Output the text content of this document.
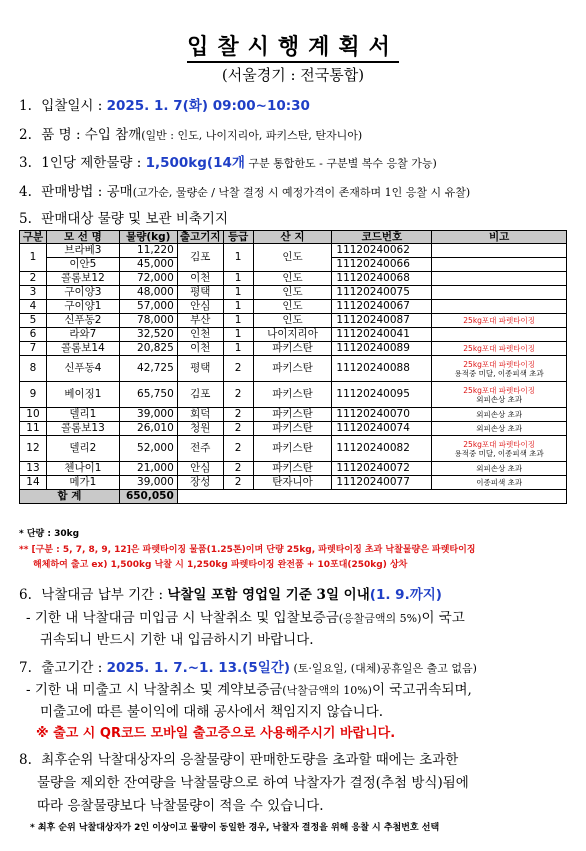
입찰시행계획서
(서울경기 : 전국통합)
1. 입찰일시 : 2025. 1. 7(화) 09:00~10:30
2. 품 명 : 수입 참깨(일반 : 인도, 나이지리아, 파키스탄, 탄자니아)
3. 1인당 제한물량 : 1,500kg(14개 구분 통합한도 - 구분별 복수 응찰 가능)
4. 판매방법 : 공매(고가순, 물량순 / 낙찰 결정 시 예정가격이 존재하며 1인 응찰 시 유찰)
5. 판매대상 물량 및 보관 비축기지
구분	모 선 명	물량(kg)	출고기지	등급	산 지	코드번호	비고
1	브라베3	11,220	김포	1	인도	11120240062	
	이안5	45,000				11120240066	
2	콜롬보12	72,000	이천	1	인도	11120240068	
3	구이양3	48,000	평택	1	인도	11120240075	
4	구이양1	57,000	안심	1	인도	11120240067	
5	신푸동2	78,000	부산	1	인도	11120240087	25kg포대 파렛타이징

6	라와7	32,520	인천	1	나이지리아	11120240041	
7	콜롬보14	20,825	이천	1	파키스탄	11120240089	25kg포대 파렛타이징

8	신푸동4	42,725	평택	2	파키스탄	11120240088	25kg포대 파렛타이징
용적중 미달, 이종피색 초과

9	베이징1	65,750	김포	2	파키스탄	11120240095	25kg포대 파렛타이징
외피손상 초과

10	델리1	39,000	회덕	2	파키스탄	11120240070	외피손상 초과

11	콜롬보13	26,010	청원	2	파키스탄	11120240074	외피손상 초과

12	델리2	52,000	전주	2	파키스탄	11120240082	25kg포대 파렛타이징
용적중 미달, 이종피색 초과

13	첸나이1	21,000	안심	2	파키스탄	11120240072	외피손상 초과

14	메가1	39,000	장성	2	탄자니아	11120240077	이종피색 초과

합 계		650,050					
* 단량 : 30kg
** [구분 : 5, 7, 8, 9, 12]은 파렛타이징 물품(1.25톤)이며 단량 25kg, 파렛타이징 초과 낙찰물량은 파렛타이징
해체하여 출고 ex) 1,500kg 낙찰 시 1,250kg 파렛타이징 완전품 + 10포대(250kg) 상차
6. 낙찰대금 납부 기간 : 낙찰일 포함 영업일 기준 3일 이내(1. 9.까지)
- 기한 내 낙찰대금 미입금 시 낙찰취소 및 입찰보증금(응찰금액의 5%)이 국고
귀속되니 반드시 기한 내 입금하시기 바랍니다.
7. 출고기간 : 2025. 1. 7.~1. 13.(5일간) (토·일요일, (대체)공휴일은 출고 없음)
- 기한 내 미출고 시 낙찰취소 및 계약보증금(낙찰금액의 10%)이 국고귀속되며,
미출고에 따른 불이익에 대해 공사에서 책임지지 않습니다.
※ 출고 시 QR코드 모바일 출고증으로 사용해주시기 바랍니다.
8. 최후순위 낙찰대상자의 응찰물량이 판매한도량을 초과할 때에는 초과한
물량을 제외한 잔여량을 낙찰물량으로 하여 낙찰자가 결정(추첨 방식)됨에
따라 응찰물량보다 낙찰물량이 적을 수 있습니다.
* 최후 순위 낙찰대상자가 2인 이상이고 물량이 동일한 경우, 낙찰자 결정을 위해 응찰 시 추첨번호 선택
